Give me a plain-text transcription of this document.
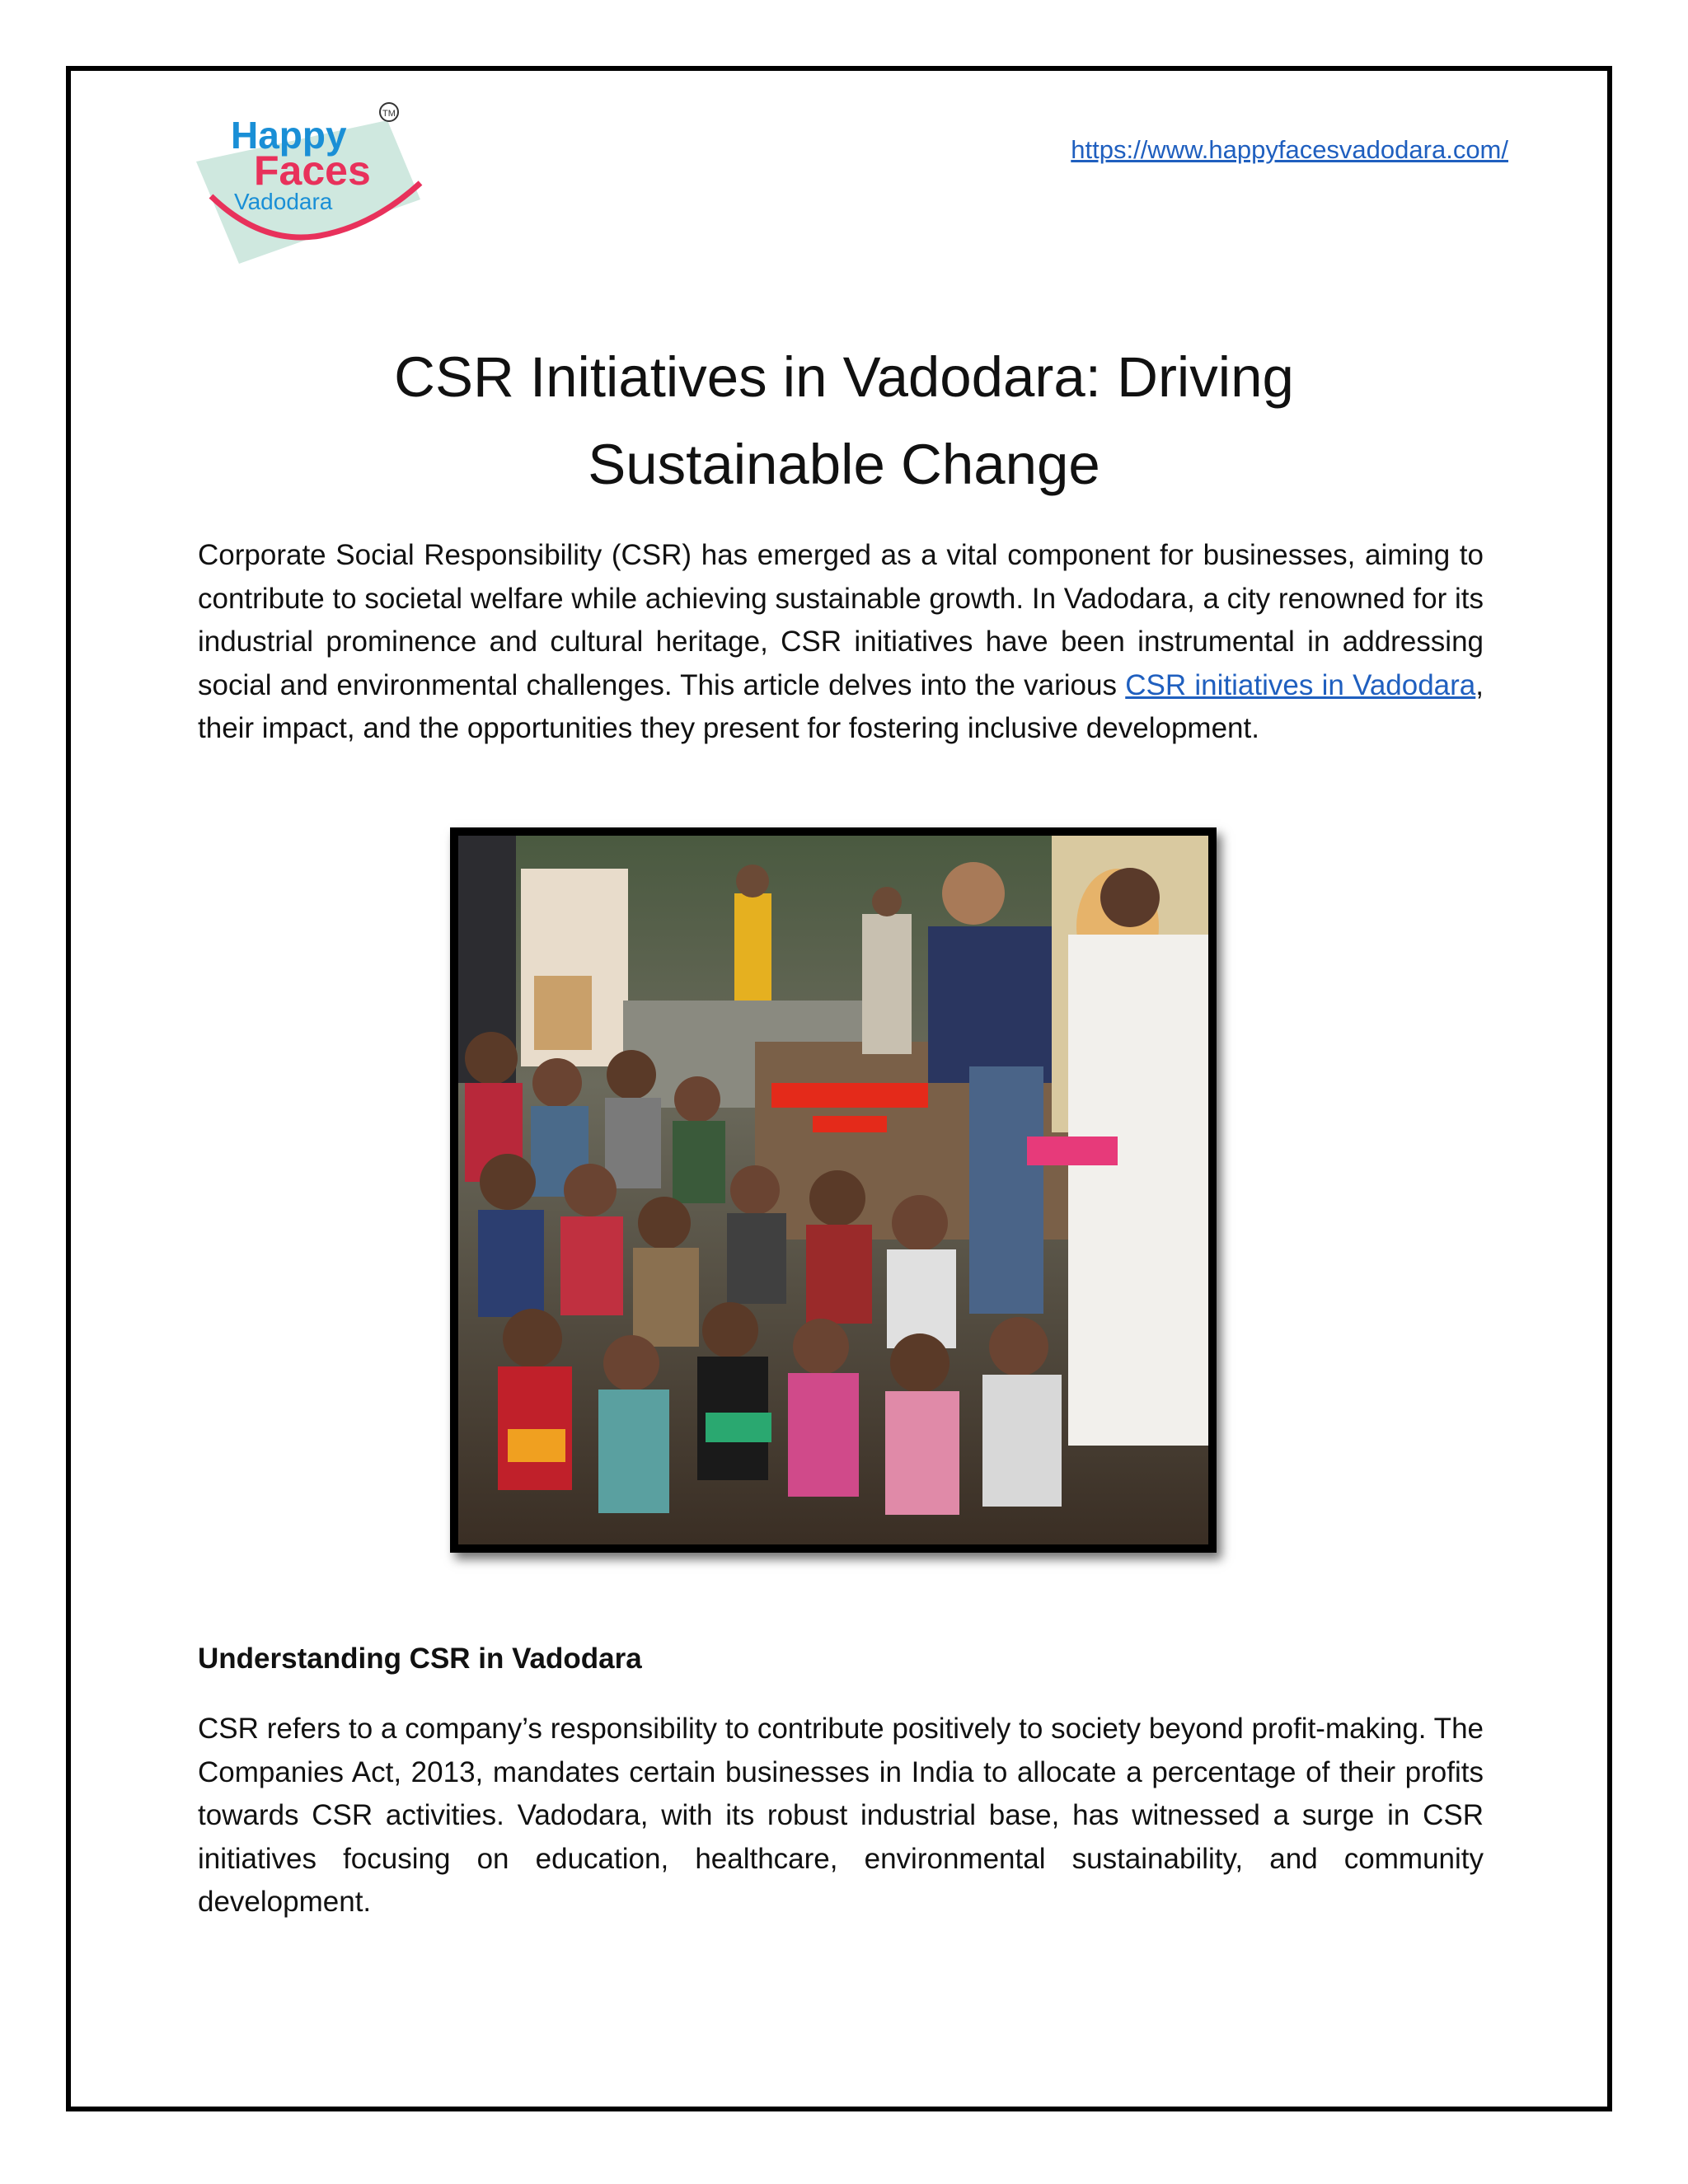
Happy
Faces
Vadodara
TM
https://www.happyfacesvadodara.com/
CSR Initiatives in Vadodara: Driving
Sustainable Change

Corporate Social Responsibility (CSR) has emerged as a vital component for businesses, aiming to contribute to societal welfare while achieving sustainable growth. In Vadodara, a city renowned for its industrial prominence and cultural heritage, CSR initiatives have been instrumental in addressing social and environmental challenges. This article delves into the various CSR initiatives in Vadodara, their impact, and the opportunities they present for fostering inclusive development.

Understanding CSR in Vadodara

CSR refers to a company’s responsibility to contribute positively to society beyond profit-making. The Companies Act, 2013, mandates certain businesses in India to allocate a percentage of their profits towards CSR activities. Vadodara, with its robust industrial base, has witnessed a surge in CSR initiatives focusing on education, healthcare, environmental sustainability, and community development.
